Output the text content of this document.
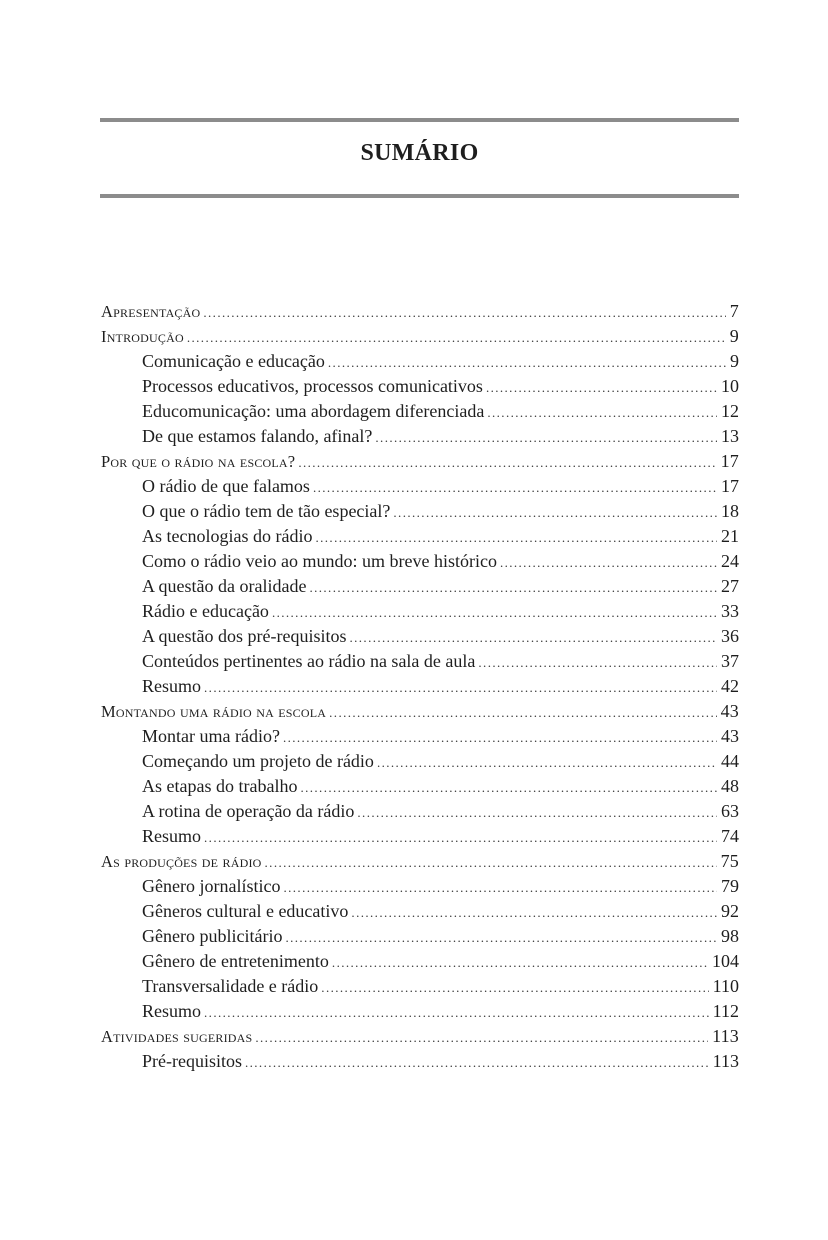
SUMÁRIO
Apresentação .....	7
Introdução .....	9
Comunicação e educação .....	9
Processos educativos, processos comunicativos .....	10
Educomunicação: uma abordagem diferenciada .....	12
De que estamos falando, afinal? .....	13
Por que o rádio na escola? .....	17
O rádio de que falamos .....	17
O que o rádio tem de tão especial? .....	18
As tecnologias do rádio .....	21
Como o rádio veio ao mundo: um breve histórico .....	24
A questão da oralidade .....	27
Rádio e educação .....	33
A questão dos pré-requisitos .....	36
Conteúdos pertinentes ao rádio na sala de aula .....	37
Resumo .....	42
Montando uma rádio na escola .....	43
Montar uma rádio? .....	43
Começando um projeto de rádio .....	44
As etapas do trabalho .....	48
A rotina de operação da rádio .....	63
Resumo .....	74
As produções de rádio .....	75
Gênero jornalístico .....	79
Gêneros cultural e educativo .....	92
Gênero publicitário .....	98
Gênero de entretenimento .....	104
Transversalidade e rádio .....	110
Resumo .....	112
Atividades sugeridas .....	113
Pré-requisitos .....	113
